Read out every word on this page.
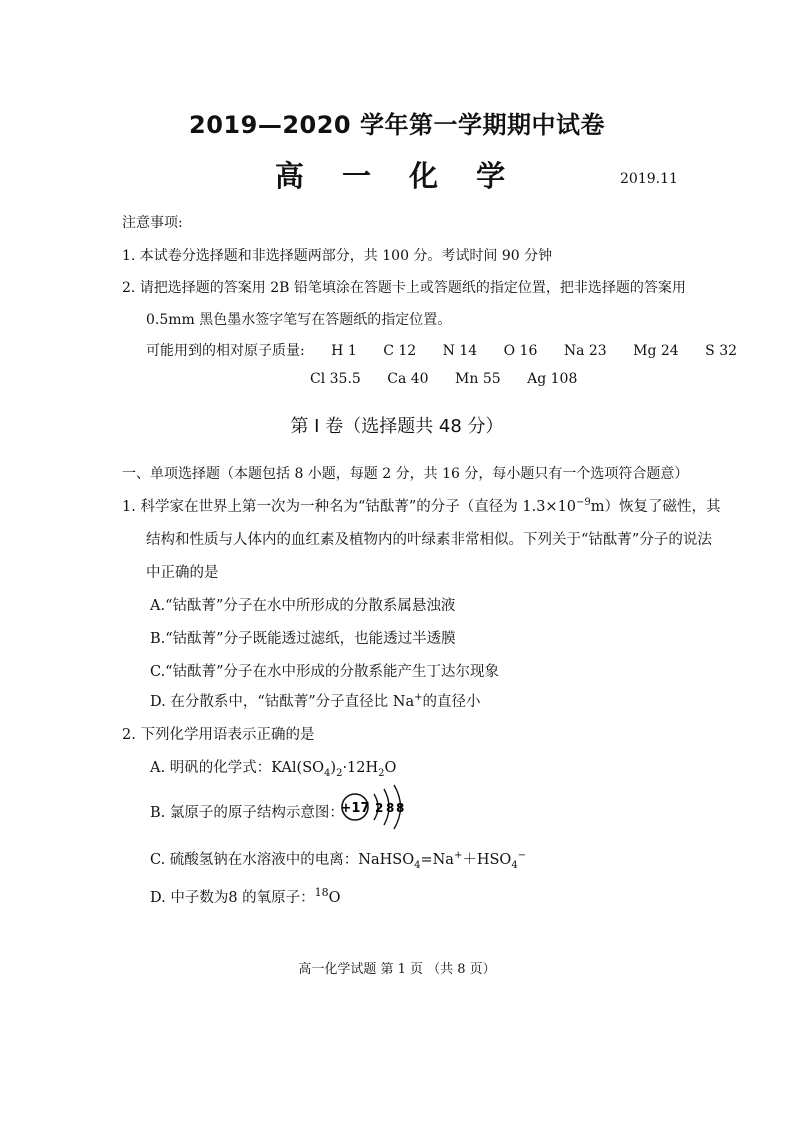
2019—2020 学年第一学期期中试卷
高 一 化 学	2019.11
注意事项:
1. 本试卷分选择题和非选择题两部分，共 100 分。考试时间 90 分钟
2. 请把选择题的答案用 2B 铅笔填涂在答题卡上或答题纸的指定位置，把非选择题的答案用
0.5mm 黑色墨水签字笔写在答题纸的指定位置。
可能用到的相对原子质量: H 1 C 12 N 14 O 16 Na 23 Mg 24 S 32
Cl 35.5 Ca 40 Mn 55 Ag 108
第 I 卷（选择题共 48 分）
一、单项选择题（本题包括 8 小题，每题 2 分，共 16 分，每小题只有一个选项符合题意）
1. 科学家在世界上第一次为一种名为“钴酞菁”的分子（直径为 $1.3\times 10^{-9}m$）恢复了磁性，其
结构和性质与人体内的血红素及植物内的叶绿素非常相似。下列关于“钴酞菁”分子的说法
中正确的是
A.“钴酞菁”分子在水中所形成的分散系属悬浊液
B.“钴酞菁”分子既能透过滤纸，也能透过半透膜
C.“钴酞菁”分子在水中形成的分散系能产生丁达尔现象
D. 在分散系中，“钴酞菁”分子直径比 Na+的直径小
2. 下列化学用语表示正确的是
A. 明矾的化学式：$KAl(SO_4)_2\cdot 12H_2O$
B. 氯原子的原子结构示意图：
+17 2 8 8
C. 硫酸氢钠在水溶液中的电离：$NaHSO_4=Na^++HSO_4^-$
D. 中子数为8 的氧原子：$^{18}$O
高一化学试题 第 1 页 （共 8 页）
